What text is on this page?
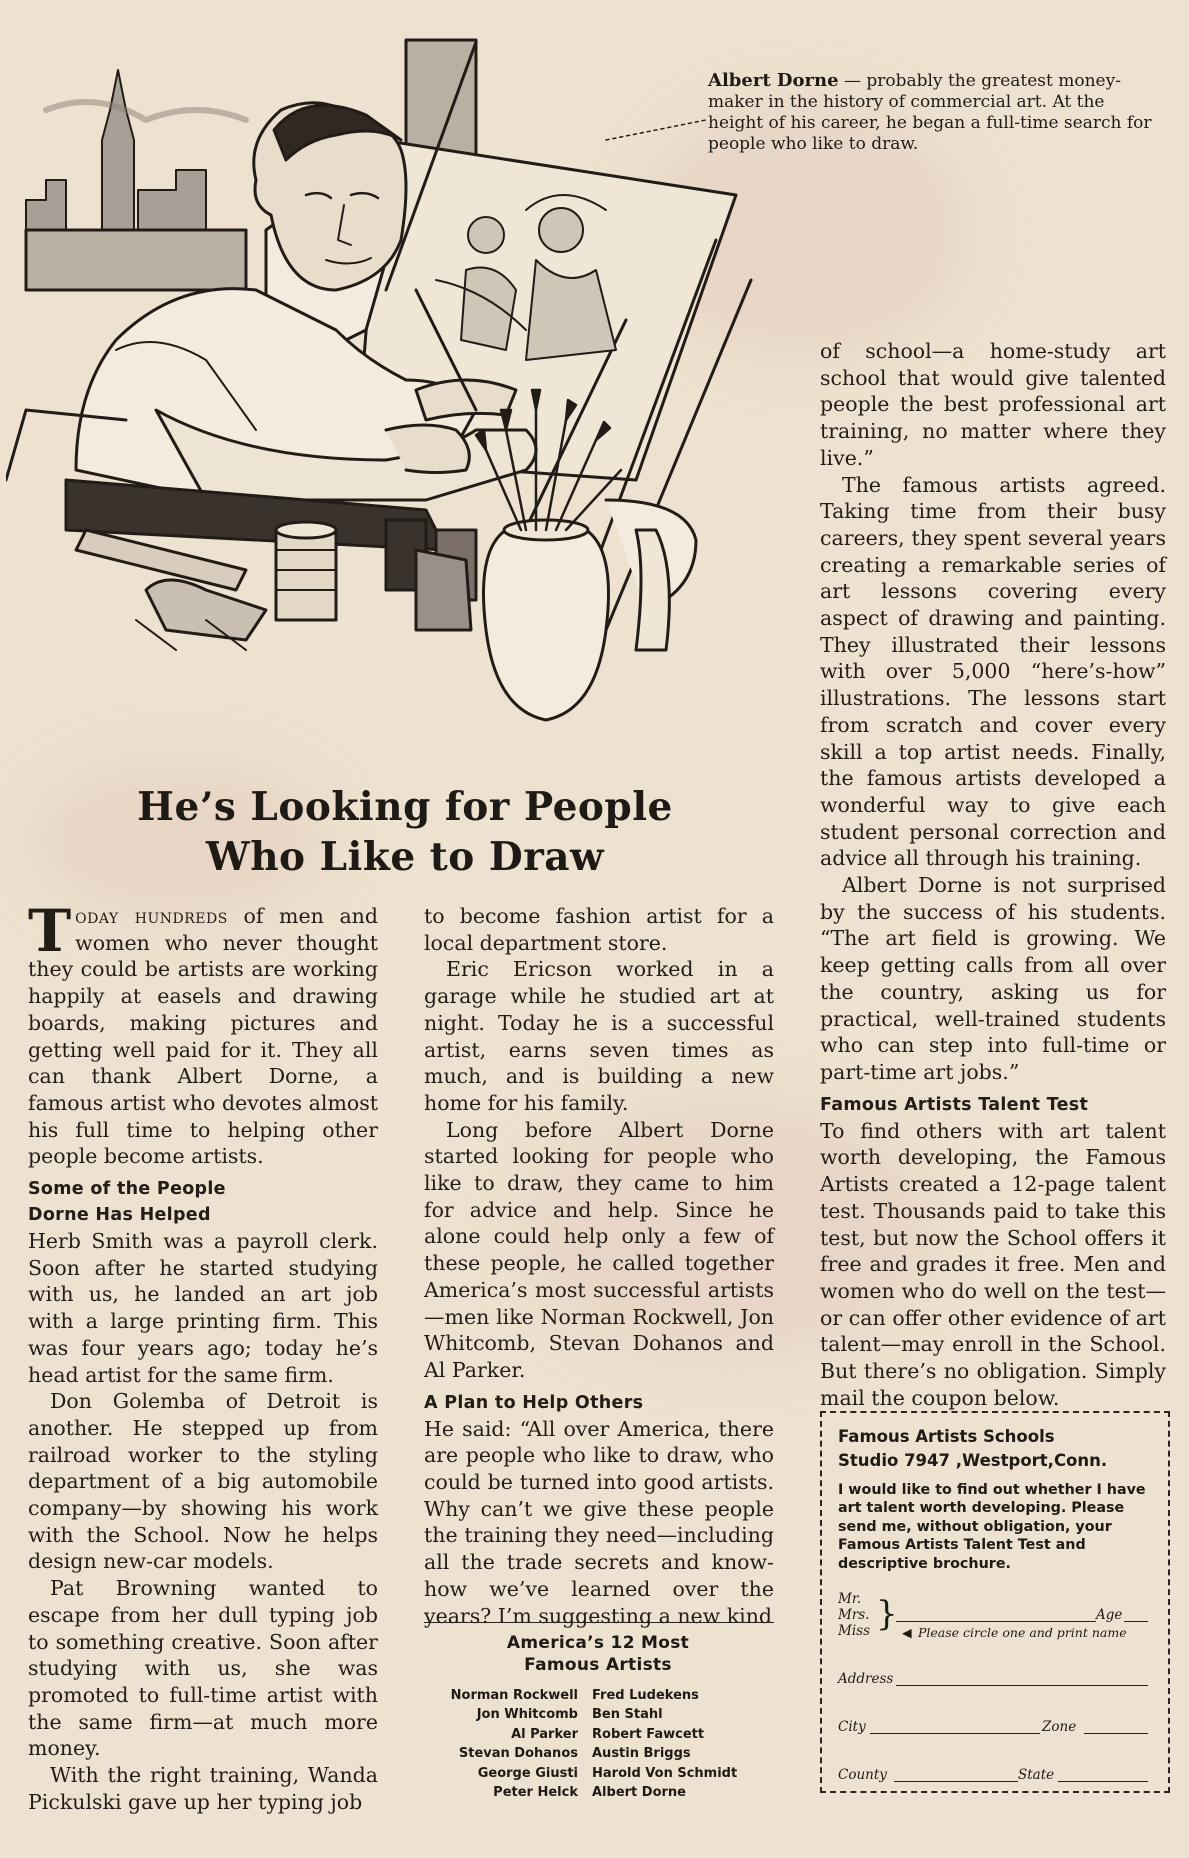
Albert Dorne — probably the greatest money-maker in the history of commercial art. At the height of his career, he began a full-time search for people who like to draw.
He’s Looking for People
Who Like to Draw

Today hundreds of men and women who never thought they could be artists are working happily at easels and drawing boards, making pictures and getting well paid for it. They all can thank Albert Dorne, a famous artist who devotes almost his full time to helping other people become artists.

Some of the People
Dorne Has Helped

Herb Smith was a payroll clerk. Soon after he started studying with us, he landed an art job with a large printing firm. This was four years ago; today he’s head artist for the same firm.

Don Golemba of Detroit is another. He stepped up from railroad worker to the styling department of a big automobile company—by showing his work with the School. Now he helps design new-car models.

Pat Browning wanted to escape from her dull typing job to something creative. Soon after studying with us, she was promoted to full-time artist with the same firm—at much more money.

With the right training, Wanda Pickulski gave up her typing job

to become fashion artist for a local department store.

Eric Ericson worked in a garage while he studied art at night. Today he is a successful artist, earns seven times as much, and is building a new home for his family.

Long before Albert Dorne started looking for people who like to draw, they came to him for advice and help. Since he alone could help only a few of these people, he called together America’s most successful artists —men like Norman Rockwell, Jon Whitcomb, Stevan Dohanos and Al Parker.

A Plan to Help Others

He said: “All over America, there are people who like to draw, who could be turned into good artists. Why can’t we give these people the training they need—including all the trade secrets and know-how we’ve learned over the years? I’m suggesting a new kind

America’s 12 Most
Famous Artists
Norman Rockwell	Fred Ludekens
Jon Whitcomb	Ben Stahl
Al Parker	Robert Fawcett
Stevan Dohanos	Austin Briggs
George Giusti	Harold Von Schmidt
Peter Helck	Albert Dorne

of school—a home-study art school that would give talented people the best professional art training, no matter where they live.”

The famous artists agreed. Taking time from their busy careers, they spent several years creating a remarkable series of art lessons covering every aspect of drawing and painting. They illustrated their lessons with over 5,000 “here’s-how” illustrations. The lessons start from scratch and cover every skill a top artist needs. Finally, the famous artists developed a wonderful way to give each student personal correction and advice all through his training.

Albert Dorne is not surprised by the success of his students. “The art field is growing. We keep getting calls from all over the country, asking us for practical, well-trained students who can step into full-time or part-time art jobs.”

Famous Artists Talent Test

To find others with art talent worth developing, the Famous Artists created a 12-page talent test. Thousands paid to take this test, but now the School offers it free and grades it free. Men and women who do well on the test—or can offer other evidence of art talent—may enroll in the School. But there’s no obligation. Simply mail the coupon below.

Famous Artists Schools
Studio 7947 ,Westport,Conn.
I would like to find out whether I have art talent worth developing. Please send me, without obligation, your Famous Artists Talent Test and descriptive brochure.
Mr.
Mrs.
Miss }	Age
◀ Please circle one and print name
Address
City	Zone
County	State
